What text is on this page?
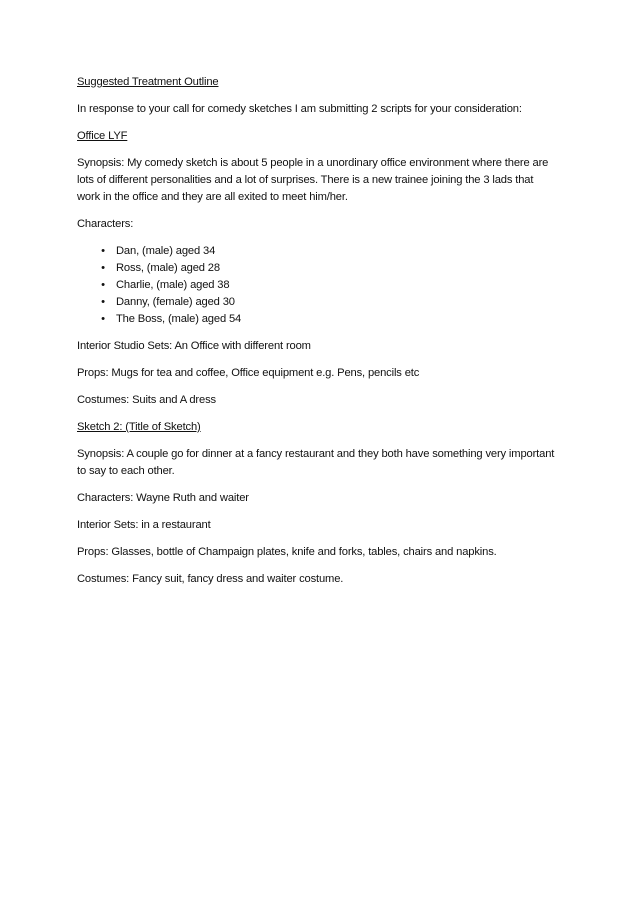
Suggested Treatment Outline

In response to your call for comedy sketches I am submitting 2 scripts for your consideration:

Office LYF

Synopsis: My comedy sketch is about 5 people in a unordinary office environment where there are
lots of different personalities and a lot of surprises. There is a new trainee joining the 3 lads that
work in the office and they are all exited to meet him/her.

Characters:

• Dan, (male) aged 34
• Ross, (male) aged 28
• Charlie, (male) aged 38
• Danny, (female) aged 30
• The Boss, (male) aged 54

Interior Studio Sets: An Office with different room

Props: Mugs for tea and coffee, Office equipment e.g. Pens, pencils etc

Costumes: Suits and A dress

Sketch 2: (Title of Sketch)

Synopsis: A couple go for dinner at a fancy restaurant and they both have something very important
to say to each other.

Characters: Wayne Ruth and waiter

Interior Sets: in a restaurant

Props: Glasses, bottle of Champaign plates, knife and forks, tables, chairs and napkins.

Costumes: Fancy suit, fancy dress and waiter costume.
